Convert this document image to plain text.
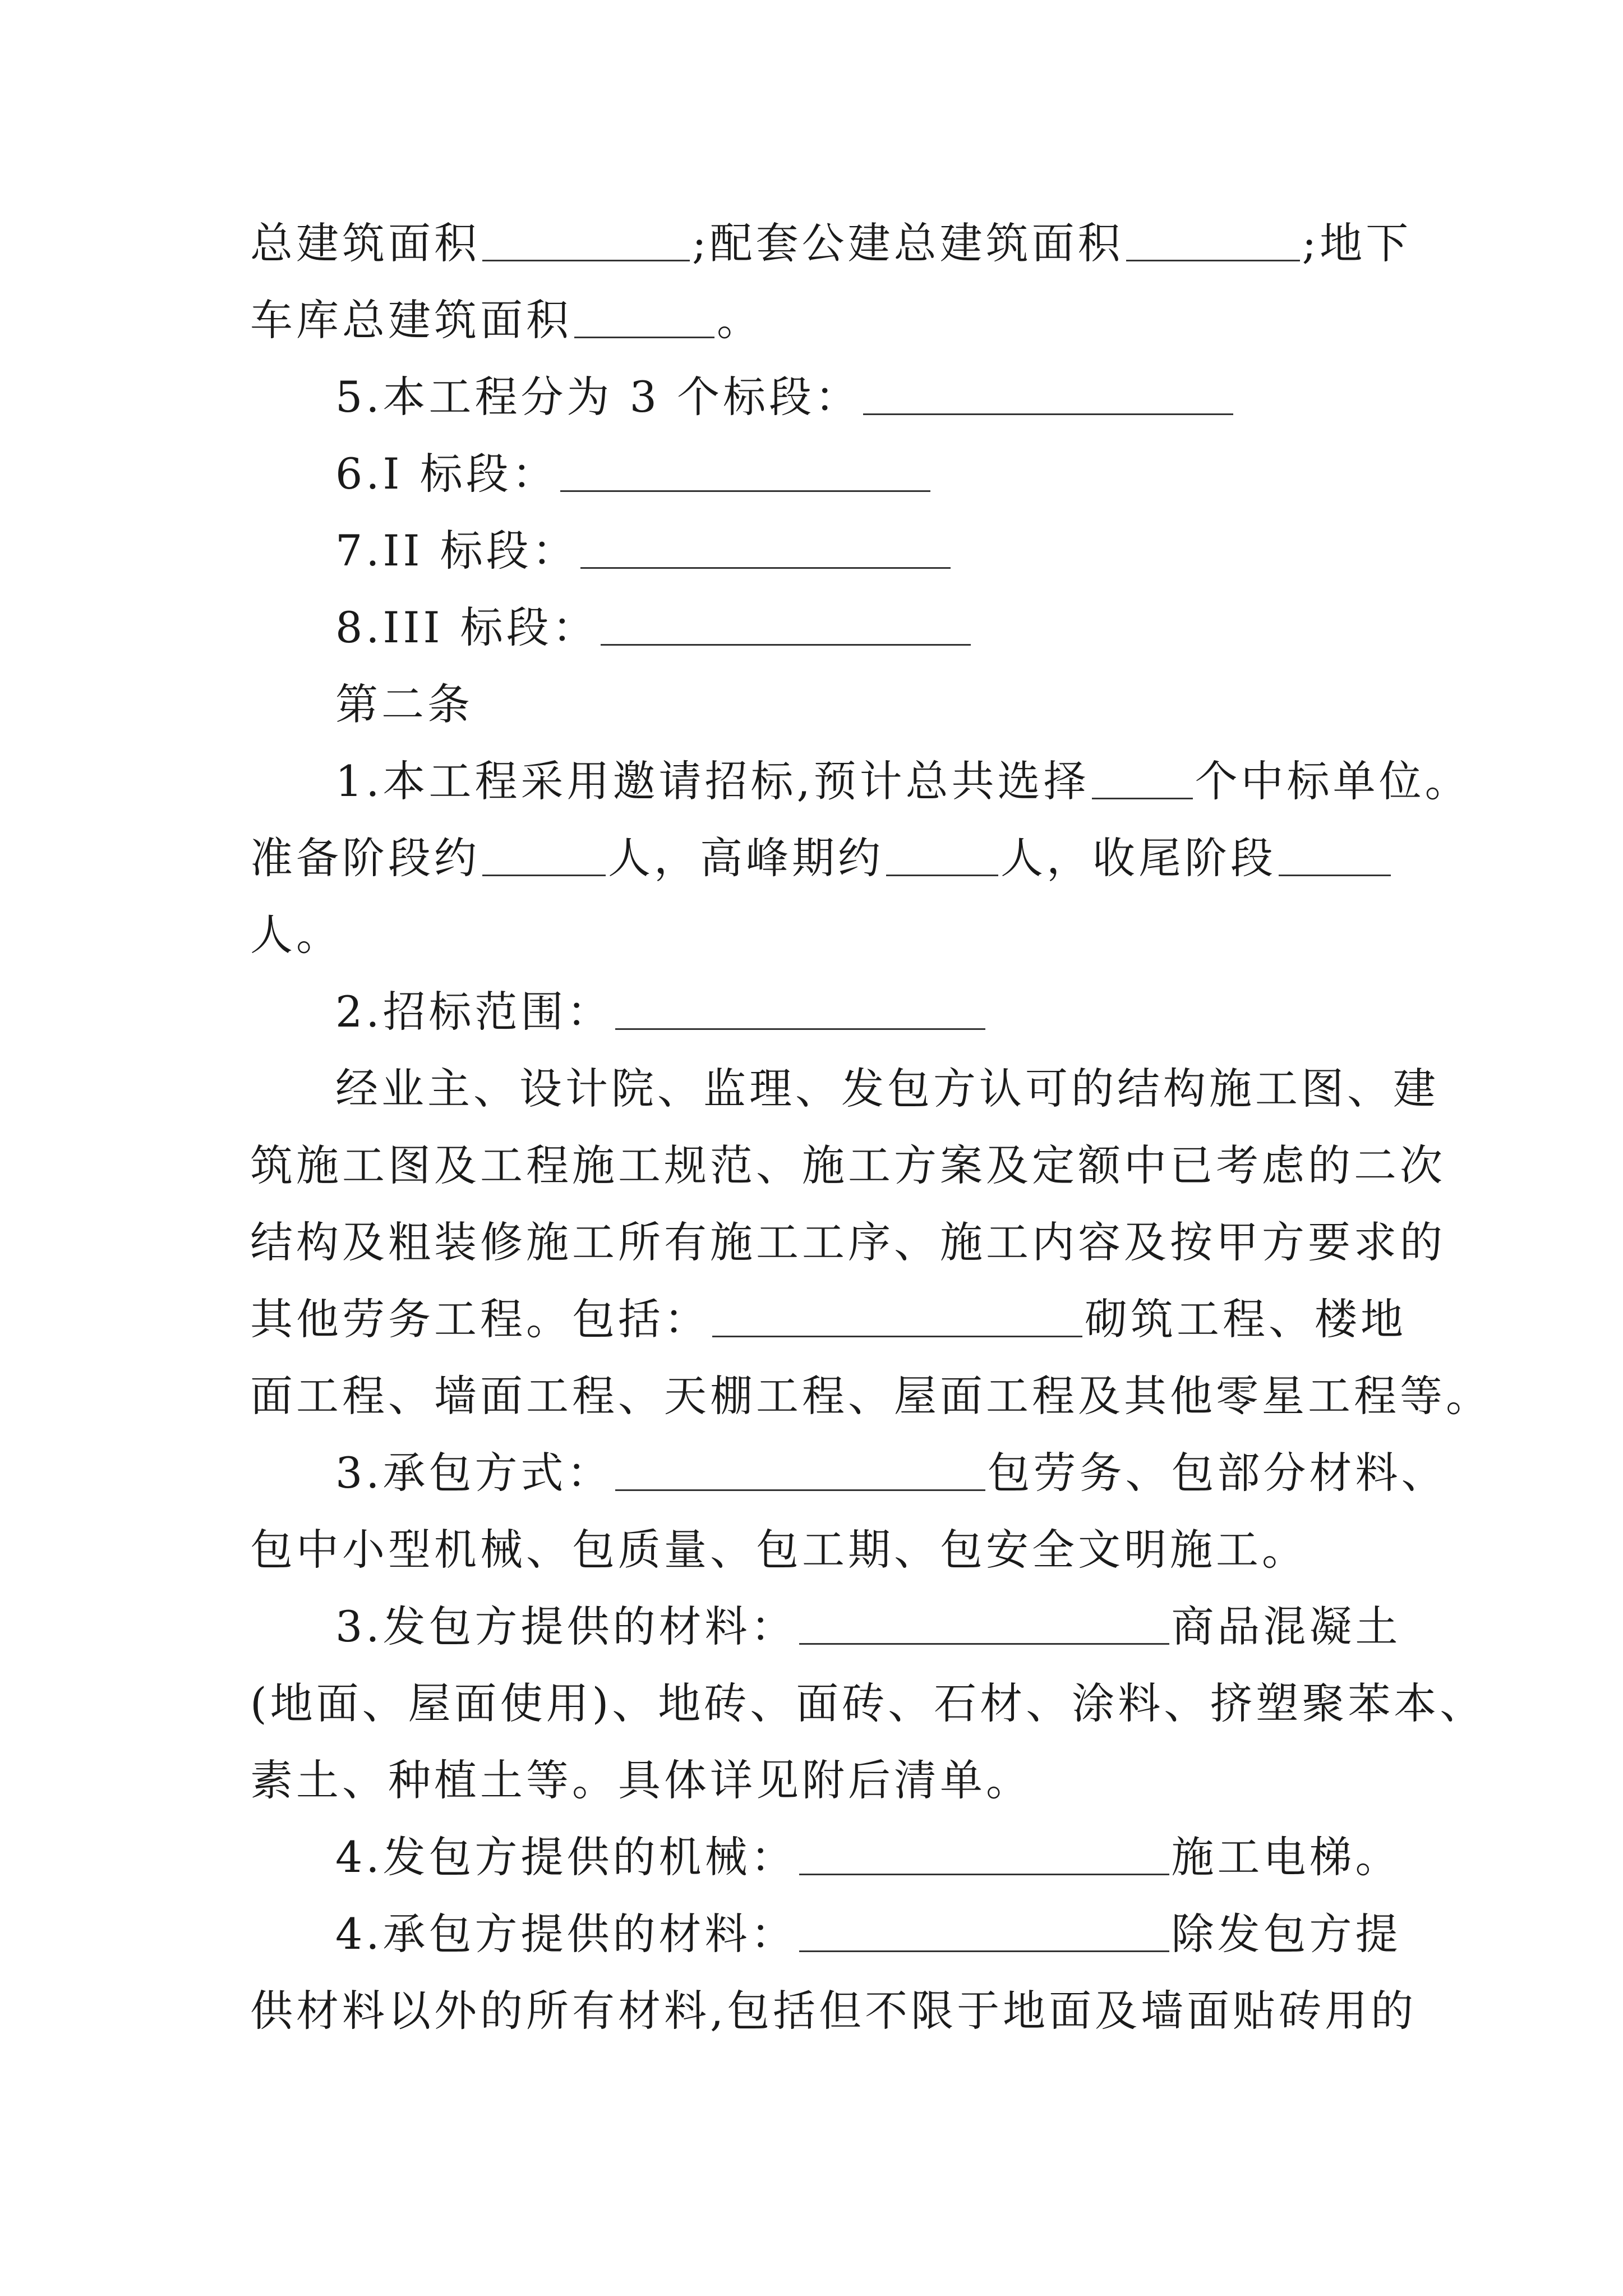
总建筑面积	;配套公建总建筑面积	;地下
车库总建筑面积	。
5.本工程分为 3 个标段：
6.I 标段：
7.II 标段：
8.III 标段：
第二条
1.本工程采用邀请招标,预计总共选择 个中标单位。
准备阶段约	人，高峰期约	人，收尾阶段
人。
2.招标范围：
经业主、设计院、监理、发包方认可的结构施工图、建
筑施工图及工程施工规范、施工方案及定额中已考虑的二次
结构及粗装修施工所有施工工序、施工内容及按甲方要求的
其他劳务工程。包括：	砌筑工程、楼地
面工程、墙面工程、天棚工程、屋面工程及其他零星工程等。
3.承包方式：	包劳务、包部分材料、
包中小型机械、包质量、包工期、包安全文明施工。
3.发包方提供的材料：	商品混凝土
(地面、屋面使用)、地砖、面砖、石材、涂料、挤塑聚苯本、
素土、种植土等。具体详见附后清单。
4.发包方提供的机械：	施工电梯。
4.承包方提供的材料：	除发包方提
供材料以外的所有材料,包括但不限于地面及墙面贴砖用的
